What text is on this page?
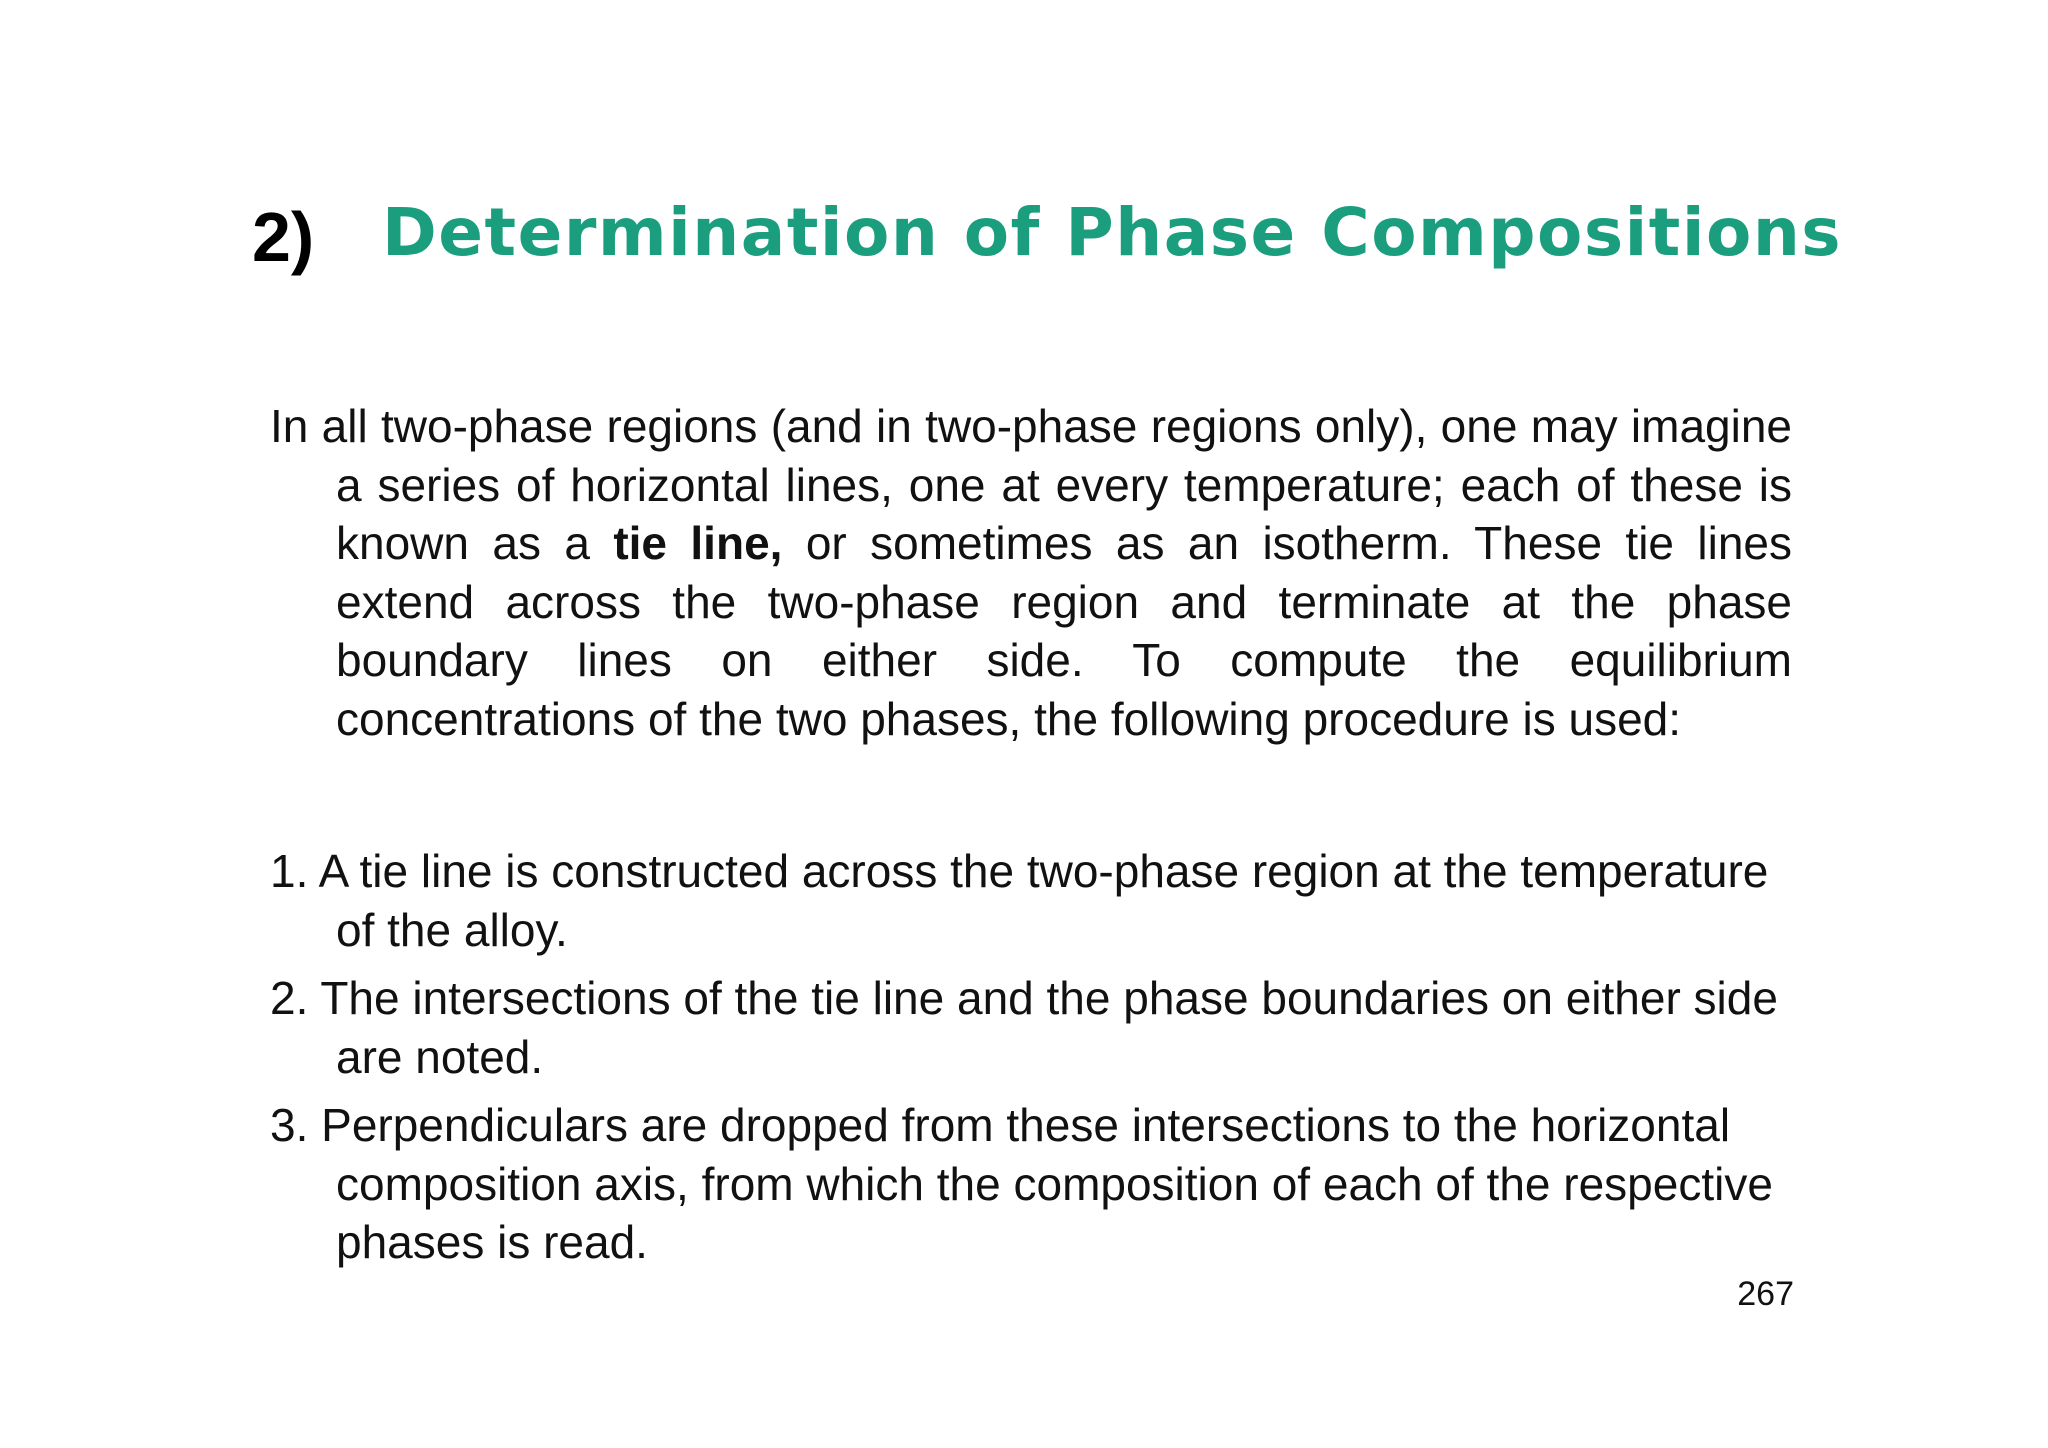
2) Determination of Phase Compositions

In all two-phase regions (and in two-phase regions only), one may imagine a series of horizontal lines, one at every temperature; each of these is known as a tie line, or sometimes as an isotherm. These tie lines extend across the two-phase region and terminate at the phase boundary lines on either side. To compute the equilibrium concentrations of the two phases, the following procedure is used:

1. A tie line is constructed across the two-phase region at the temperature of the alloy.
2. The intersections of the tie line and the phase boundaries on either side are noted.
3. Perpendiculars are dropped from these intersections to the horizontal composition axis, from which the composition of each of the respective phases is read.
267
